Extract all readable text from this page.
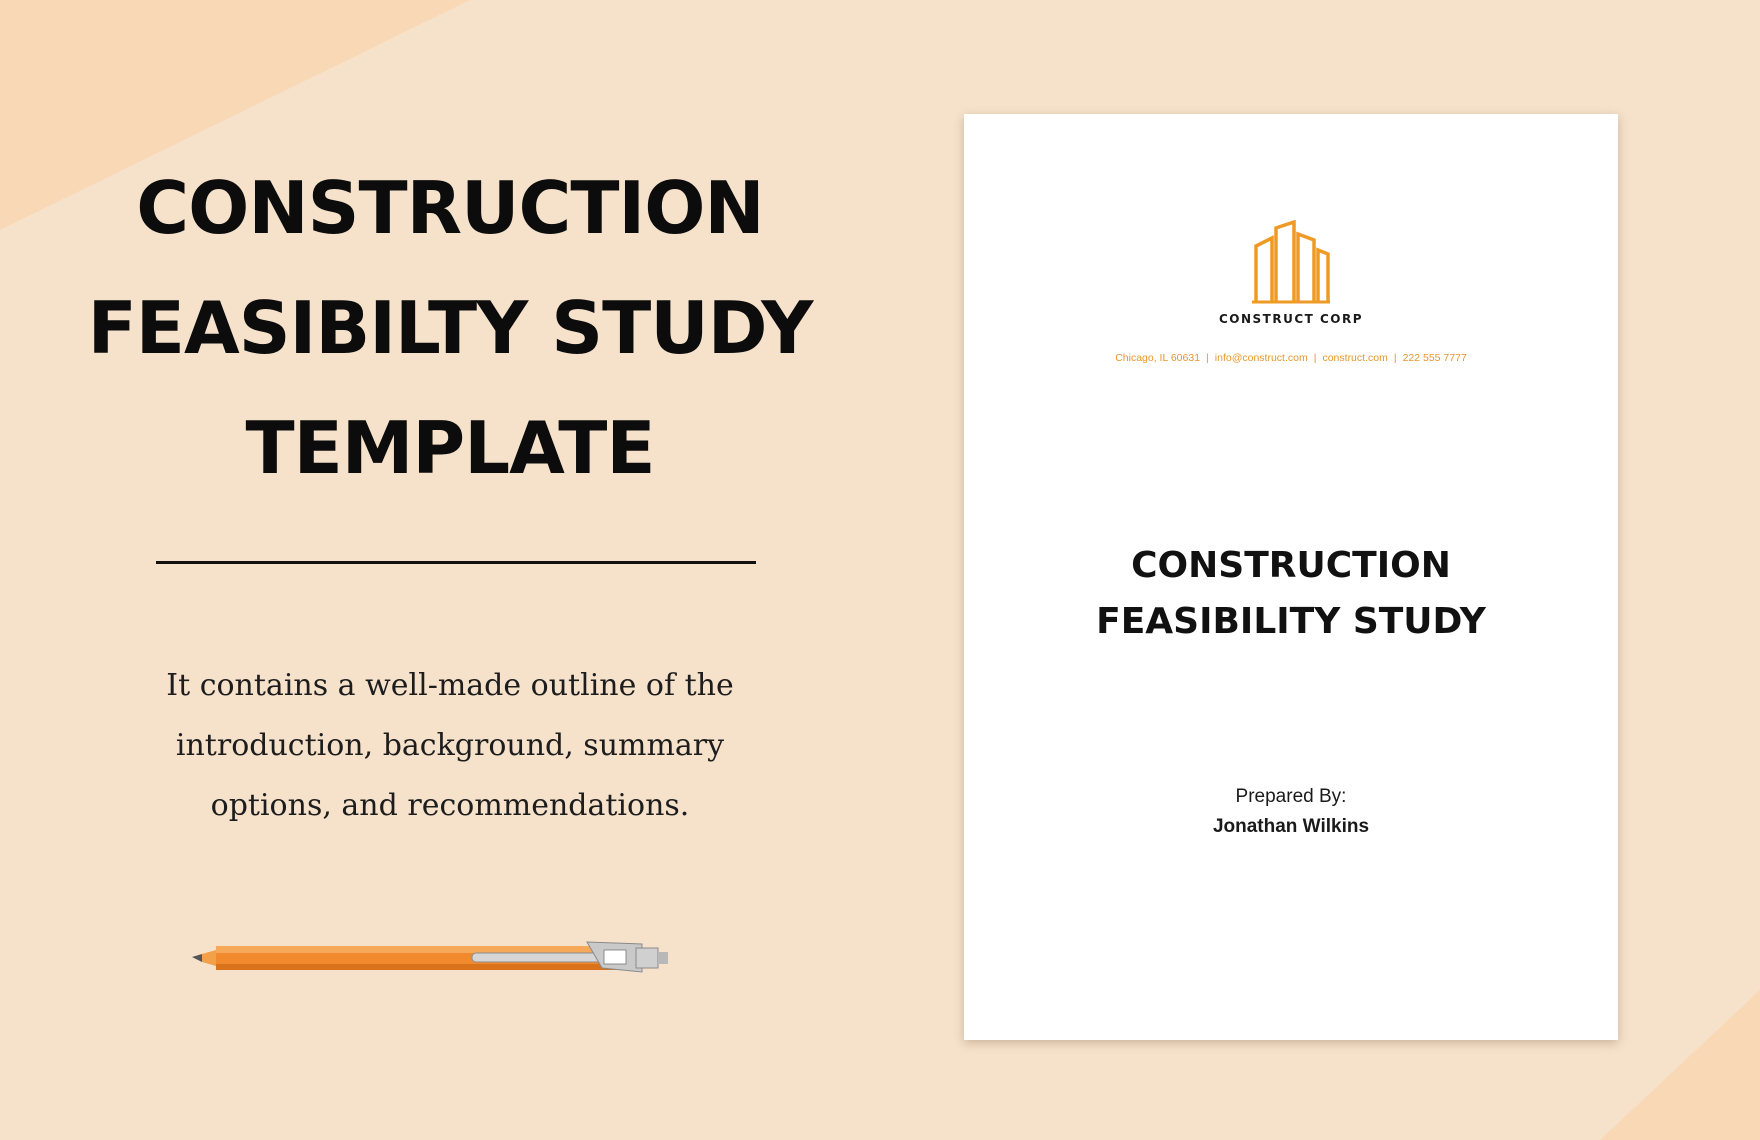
CONSTRUCTION
FEASIBILTY STUDY
TEMPLATE

It contains a well-made outline of the introduction, background, summary options, and recommendations.

CONSTRUCT CORP
Chicago, IL 60631 | info@construct.com | construct.com | 222 555 7777
CONSTRUCTION
FEASIBILITY STUDY
Prepared By:
Jonathan Wilkins
